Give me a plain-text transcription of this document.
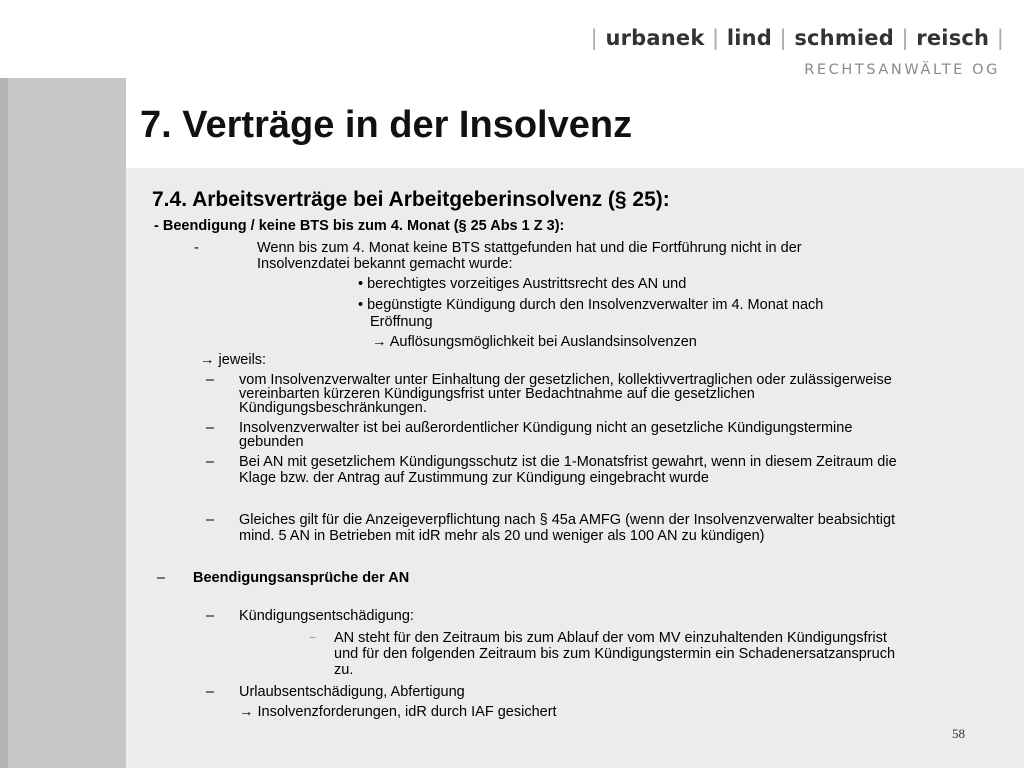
| urbanek | lind | schmied | reisch |
RECHTSANWÄLTE OG
7. Verträge in der Insolvenz
7.4. Arbeitsverträge bei Arbeitgeberinsolvenz (§ 25):
- Beendigung / keine BTS bis zum 4. Monat (§ 25 Abs 1 Z 3):
-	Wenn bis zum 4. Monat keine BTS stattgefunden hat und die Fortführung nicht in der
Insolvenzdatei bekannt gemacht wurde:
• berechtigtes vorzeitiges Austrittsrecht des AN und
• begünstigte Kündigung durch den Insolvenzverwalter im 4. Monat nach
Eröffnung
→ Auflösungsmöglichkeit bei Auslandsinsolvenzen
→ jeweils:
– vom Insolvenzverwalter unter Einhaltung der gesetzlichen, kollektivvertraglichen oder zulässigerweise
vereinbarten kürzeren Kündigungsfrist unter Bedachtnahme auf die gesetzlichen
Kündigungsbeschränkungen.
– Insolvenzverwalter ist bei außerordentlicher Kündigung nicht an gesetzliche Kündigungstermine
gebunden
– Bei AN mit gesetzlichem Kündigungsschutz ist die 1-Monatsfrist gewahrt, wenn in diesem Zeitraum die
Klage bzw. der Antrag auf Zustimmung zur Kündigung eingebracht wurde
– Gleiches gilt für die Anzeigeverpflichtung nach § 45a AMFG (wenn der Insolvenzverwalter beabsichtigt
mind. 5 AN in Betrieben mit idR mehr als 20 und weniger als 100 AN zu kündigen)
– Beendigungsansprüche der AN
– Kündigungsentschädigung:
– AN steht für den Zeitraum bis zum Ablauf der vom MV einzuhaltenden Kündigungsfrist
und für den folgenden Zeitraum bis zum Kündigungstermin ein Schadenersatzanspruch
zu.
– Urlaubsentschädigung, Abfertigung
→ Insolvenzforderungen, idR durch IAF gesichert
58
